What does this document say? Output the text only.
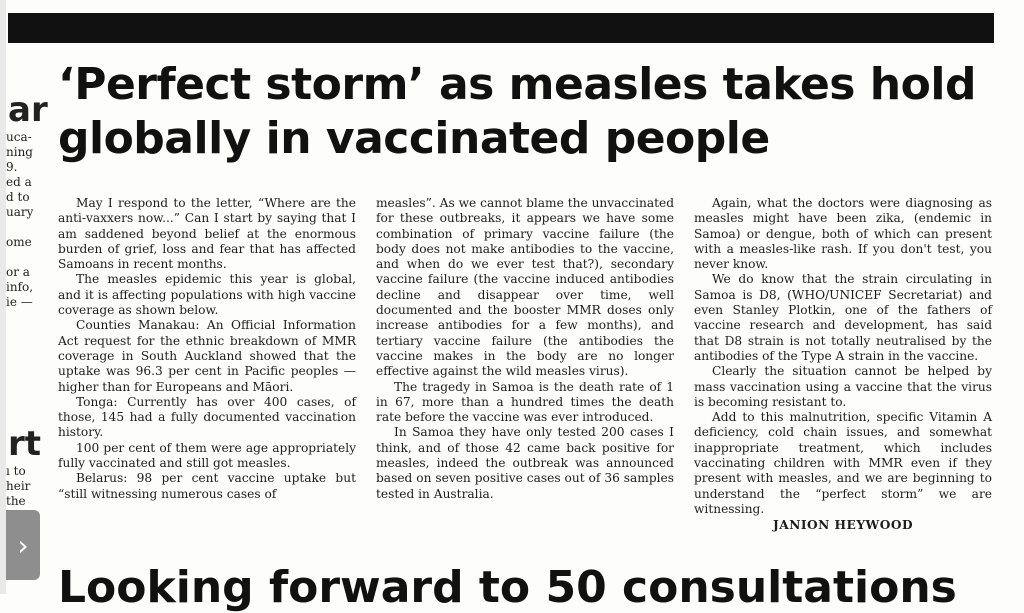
ar
uca-
ning
9.
ed a
d to
uary

ome

or a
info,
ie —
rt
ı to
heir
the
‘Perfect storm’ as measles takes hold globally in vaccinated people

May I respond to the letter, “Where are the anti-vaxxers now...” Can I start by saying that I am saddened beyond belief at the enormous burden of grief, loss and fear that has affected Samoans in recent months.

The measles epidemic this year is global, and it is affecting populations with high vaccine coverage as shown below.

Counties Manakau: An Official Information Act request for the ethnic breakdown of MMR coverage in South Auckland showed that the uptake was 96.3 per cent in Pacific peoples — higher than for Europeans and Māori.

Tonga: Currently has over 400 cases, of those, 145 had a fully documented vaccination history.

100 per cent of them were age appropriately fully vaccinated and still got measles.

Belarus: 98 per cent vaccine uptake but “still witnessing numerous cases of

measles”. As we cannot blame the unvaccinated for these outbreaks, it appears we have some combination of primary vaccine failure (the body does not make antibodies to the vaccine, and when do we ever test that?), secondary vaccine failure (the vaccine induced antibodies decline and disappear over time, well documented and the booster MMR doses only increase antibodies for a few months), and tertiary vaccine failure (the antibodies the vaccine makes in the body are no longer effective against the wild measles virus).

The tragedy in Samoa is the death rate of 1 in 67, more than a hundred times the death rate before the vaccine was ever introduced.

In Samoa they have only tested 200 cases I think, and of those 42 came back positive for measles, indeed the outbreak was announced based on seven positive cases out of 36 samples tested in Australia.

Again, what the doctors were diagnosing as measles might have been zika, (endemic in Samoa) or dengue, both of which can present with a measles-like rash. If you don't test, you never know.

We do know that the strain circulating in Samoa is D8, (WHO/UNICEF Secretariat) and even Stanley Plotkin, one of the fathers of vaccine research and development, has said that D8 strain is not totally neutralised by the antibodies of the Type A strain in the vaccine.

Clearly the situation cannot be helped by mass vaccination using a vaccine that the virus is becoming resistant to.

Add to this malnutrition, specific Vitamin A deficiency, cold chain issues, and somewhat inappropriate treatment, which includes vaccinating children with MMR even if they present with measles, and we are beginning to understand the “perfect storm” we are witnessing.

JANION HEYWOOD

Looking forward to 50 consultations
›
